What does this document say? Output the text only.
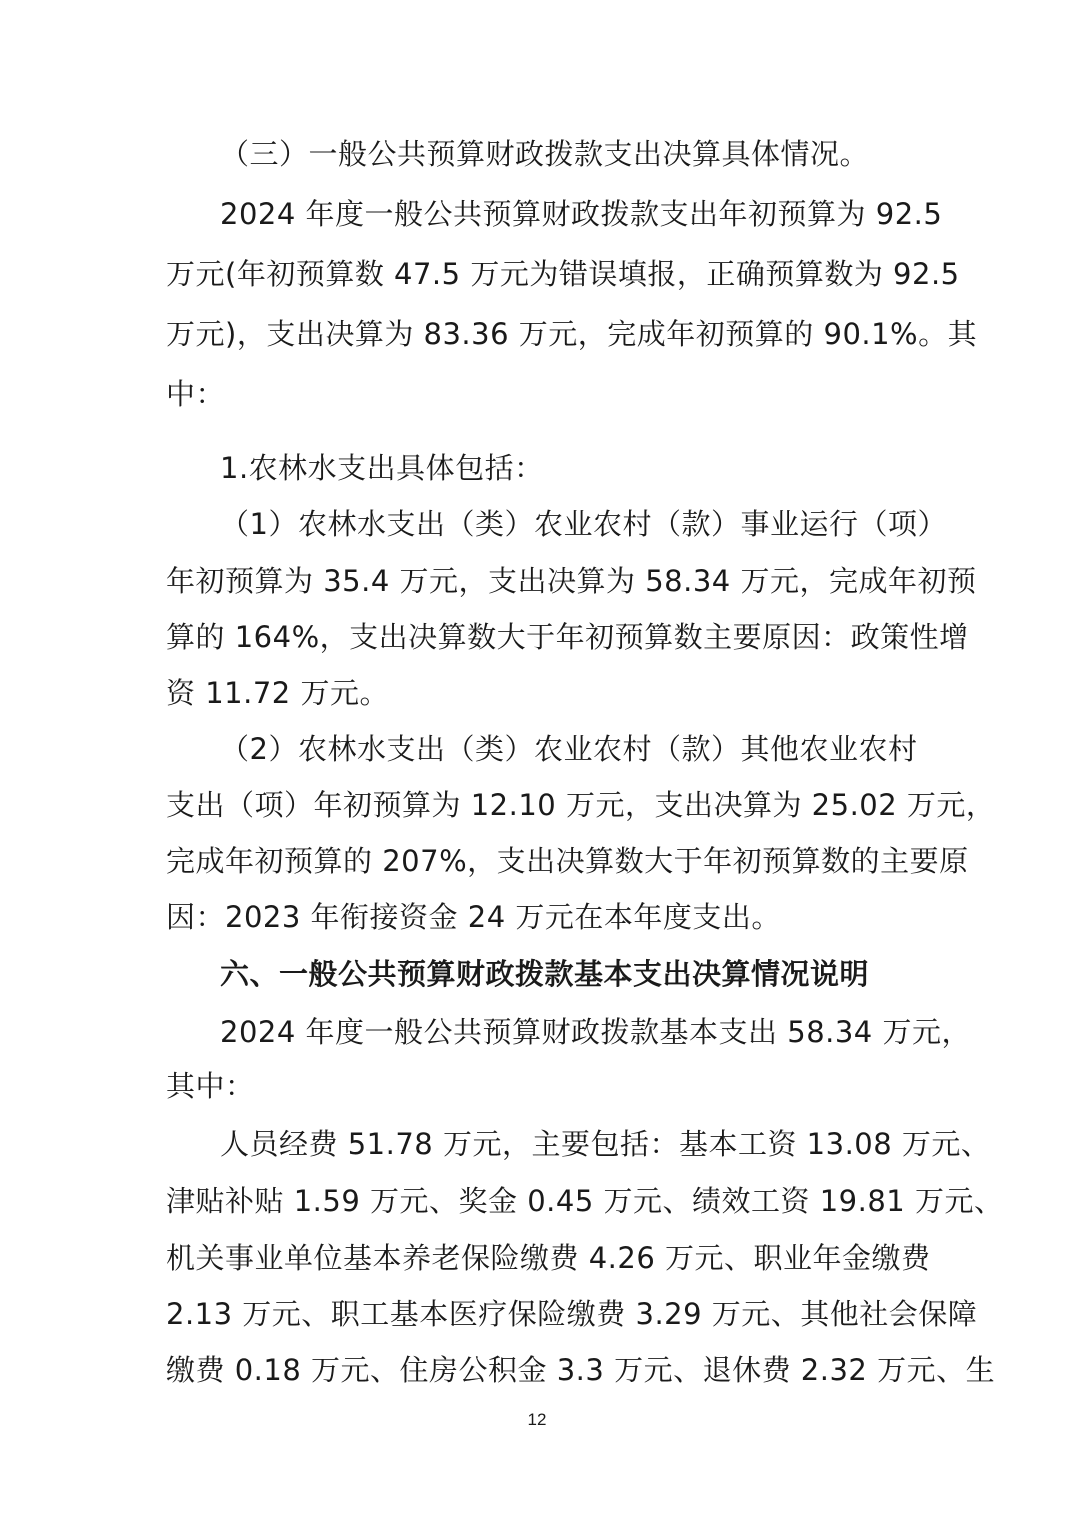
（三）一般公共预算财政拨款支出决算具体情况。
2024 年度一般公共预算财政拨款支出年初预算为 92.5
万元(年初预算数 47.5 万元为错误填报，正确预算数为 92.5
万元)，支出决算为 83.36 万元，完成年初预算的 90.1%。其
中：
1.农林水支出具体包括：
（1）农林水支出（类）农业农村（款）事业运行（项）
年初预算为 35.4 万元，支出决算为 58.34 万元，完成年初预
算的 164%，支出决算数大于年初预算数主要原因：政策性增
资 11.72 万元。
（2）农林水支出（类）农业农村（款）其他农业农村
支出（项）年初预算为 12.10 万元，支出决算为 25.02 万元，
完成年初预算的 207%，支出决算数大于年初预算数的主要原
因：2023 年衔接资金 24 万元在本年度支出。
六、一般公共预算财政拨款基本支出决算情况说明
2024 年度一般公共预算财政拨款基本支出 58.34 万元，
其中：
人员经费 51.78 万元，主要包括：基本工资 13.08 万元、
津贴补贴 1.59 万元、奖金 0.45 万元、绩效工资 19.81 万元、
机关事业单位基本养老保险缴费 4.26 万元、职业年金缴费
2.13 万元、职工基本医疗保险缴费 3.29 万元、其他社会保障
缴费 0.18 万元、住房公积金 3.3 万元、退休费 2.32 万元、生
12
